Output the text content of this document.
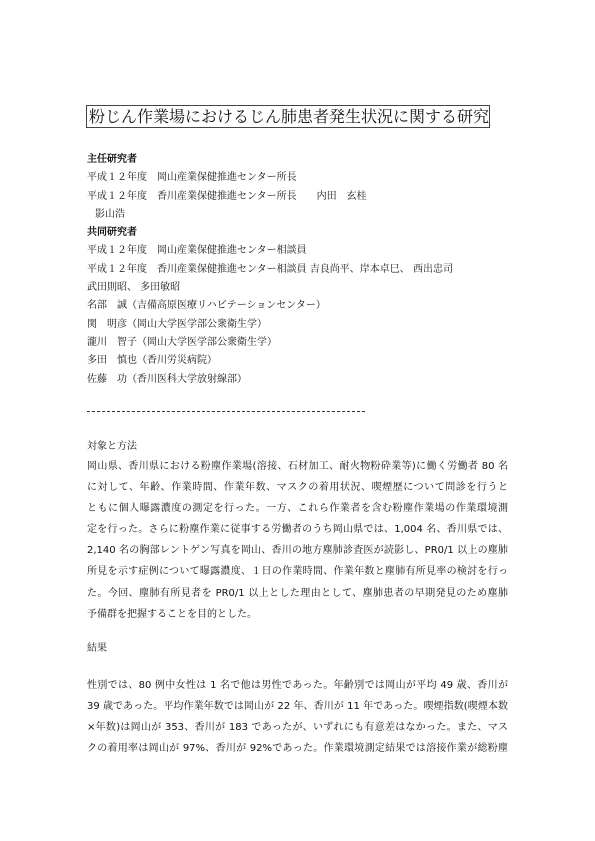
粉じん作業場におけるじん肺患者発生状況に関する研究
主任研究者
平成１２年度　岡山産業保健推進センター所長
平成１２年度　香川産業保健推進センター所長　　内田　玄桂
影山浩
共同研究者
平成１２年度　岡山産業保健推進センター相談員
平成１２年度　香川産業保健推進センター相談員 吉良尚平、岸本卓巳、 西出忠司
武田則昭、 多田敏昭
名部　誠（吉備高原医療リハビテーションセンター）
関　明彦（岡山大学医学部公衆衛生学）
瀧川　智子（岡山大学医学部公衆衛生学）
多田　慎也（香川労災病院）
佐藤　功（香川医科大学放射線部）
対象と方法
岡山県、香川県における粉塵作業場(溶接、石材加工、耐火物粉砕業等)に働く労働者 80 名
に対して、年齢、作業時間、作業年数、マスクの着用状況、喫煙歴について問診を行うと
ともに個人曝露濃度の測定を行った。一方、これら作業者を含む粉塵作業場の作業環境測
定を行った。さらに粉塵作業に従事する労働者のうち岡山県では、1,004 名、香川県では、
2,140 名の胸部レントゲン写真を岡山、香川の地方塵肺診査医が読影し、PR0/1 以上の塵肺
所見を示す症例について曝露濃度、１日の作業時間、作業年数と塵肺有所見率の検討を行っ
た。今回、塵肺有所見者を PR0/1 以上とした理由として、塵肺患者の早期発見のため塵肺
予備群を把握することを目的とした。
結果
性別では、80 例中女性は 1 名で他は男性であった。年齢別では岡山が平均 49 歳、香川が
39 歳であった。平均作業年数では岡山が 22 年、香川が 11 年であった。喫煙指数(喫煙本数
×年数)は岡山が 353、香川が 183 であったが、いずれにも有意差はなかった。また、マス
クの着用率は岡山が 97%、香川が 92%であった。作業環境測定結果では溶接作業が総粉塵
